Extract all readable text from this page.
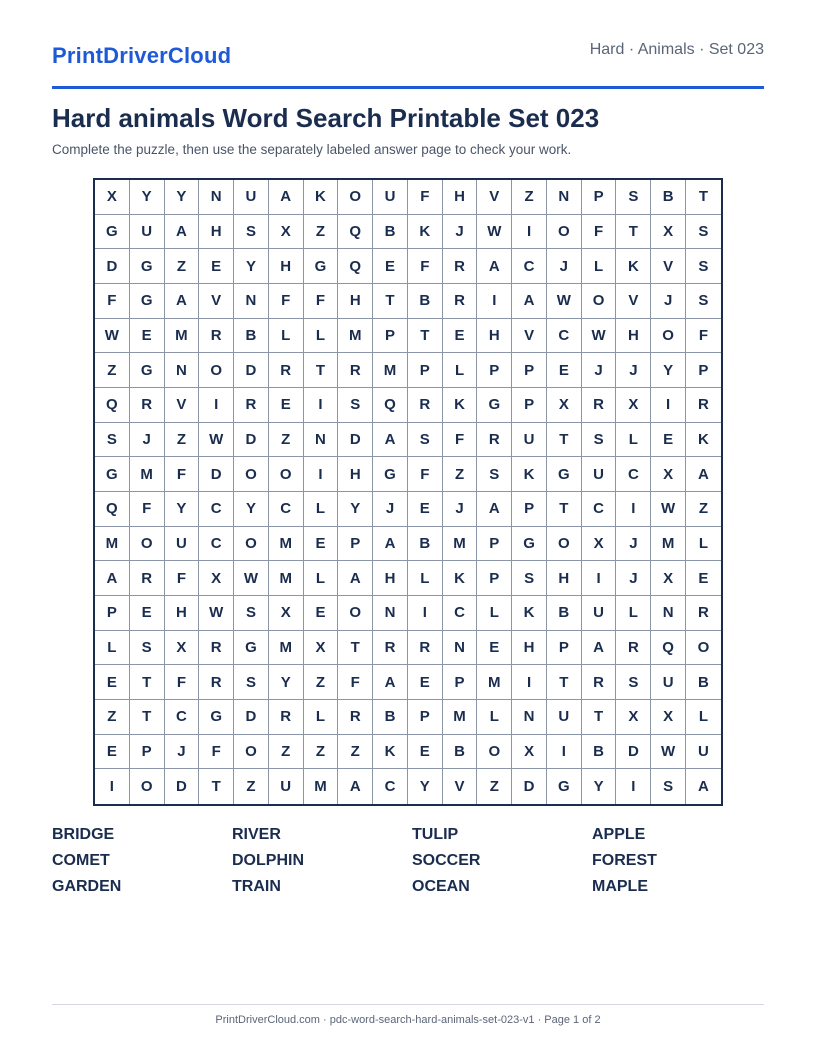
PrintDriverCloud	Hard · Animals · Set 023
Hard animals Word Search Printable Set 023
Complete the puzzle, then use the separately labeled answer page to check your work.
X	Y	Y	N	U	A	K	O	U	F	H	V	Z	N	P	S	B	T
G	U	A	H	S	X	Z	Q	B	K	J	W	I	O	F	T	X	S
D	G	Z	E	Y	H	G	Q	E	F	R	A	C	J	L	K	V	S
F	G	A	V	N	F	F	H	T	B	R	I	A	W	O	V	J	S
W	E	M	R	B	L	L	M	P	T	E	H	V	C	W	H	O	F
Z	G	N	O	D	R	T	R	M	P	L	P	P	E	J	J	Y	P
Q	R	V	I	R	E	I	S	Q	R	K	G	P	X	R	X	I	R
S	J	Z	W	D	Z	N	D	A	S	F	R	U	T	S	L	E	K
G	M	F	D	O	O	I	H	G	F	Z	S	K	G	U	C	X	A
Q	F	Y	C	Y	C	L	Y	J	E	J	A	P	T	C	I	W	Z
M	O	U	C	O	M	E	P	A	B	M	P	G	O	X	J	M	L
A	R	F	X	W	M	L	A	H	L	K	P	S	H	I	J	X	E
P	E	H	W	S	X	E	O	N	I	C	L	K	B	U	L	N	R
L	S	X	R	G	M	X	T	R	R	N	E	H	P	A	R	Q	O
E	T	F	R	S	Y	Z	F	A	E	P	M	I	T	R	S	U	B
Z	T	C	G	D	R	L	R	B	P	M	L	N	U	T	X	X	L
E	P	J	F	O	Z	Z	Z	K	E	B	O	X	I	B	D	W	U
I	O	D	T	Z	U	M	A	C	Y	V	Z	D	G	Y	I	S	A
BRIDGE	RIVER	TULIP	APPLE
COMET	DOLPHIN	SOCCER	FOREST
GARDEN	TRAIN	OCEAN	MAPLE
PrintDriverCloud.com · pdc-word-search-hard-animals-set-023-v1 · Page 1 of 2
